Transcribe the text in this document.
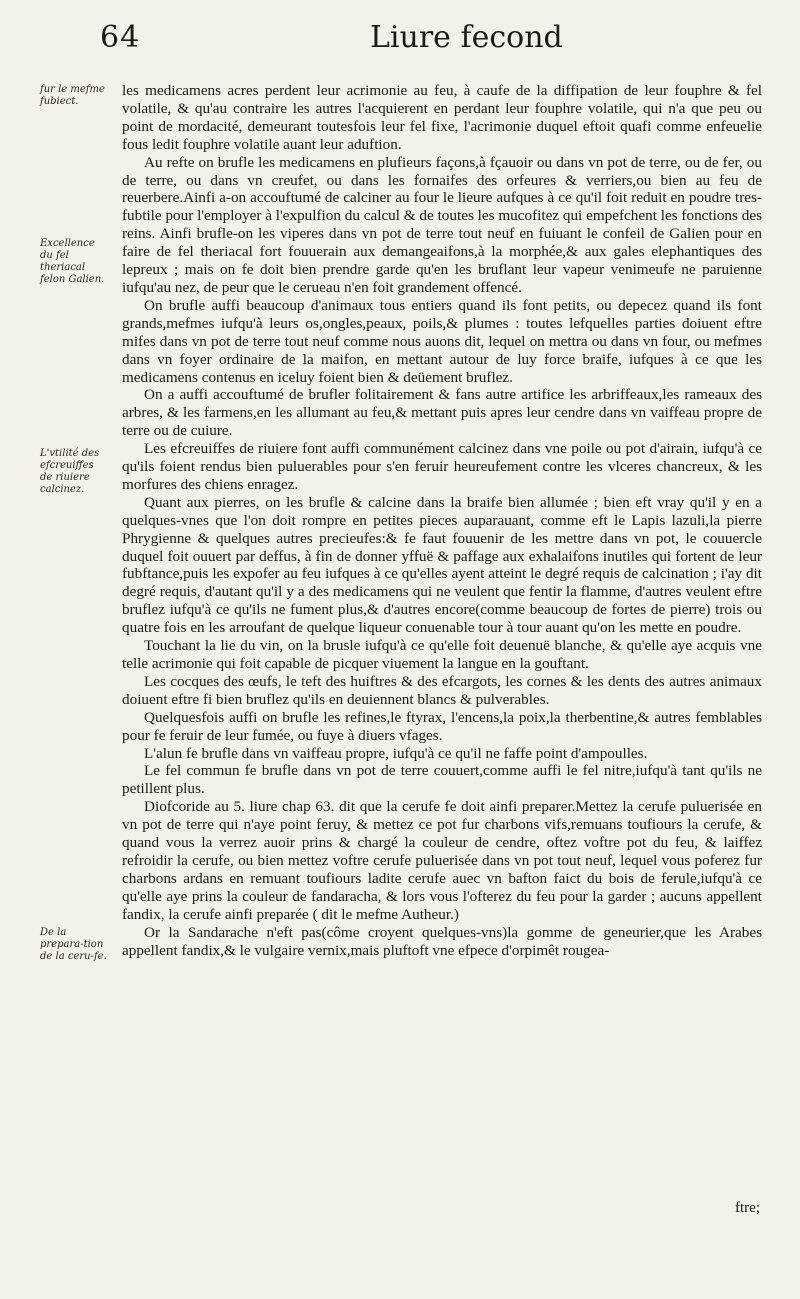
64	Liure fecond
fur le mefme fubiect.
Excellence du fel theriacal felon Galien.
L'vtilité des efcreuiffes de riuiere calcinez.
De la prepara-tion de la ceru-fe.

les medicamens acres perdent leur acrimonie au feu, à caufe de la diffipation de leur fouphre & fel volatile, & qu'au contraire les autres l'acquierent en perdant leur fouphre volatile, qui n'a que peu ou point de mordacité, demeurant toutesfois leur fel fixe, l'acrimonie duquel eftoit quafi comme enfeuelie fous ledit fouphre volatile auant leur aduftion.

Au refte on brufle les medicamens en plufieurs façons,à fçauoir ou dans vn pot de terre, ou de fer, ou de terre, ou dans vn creufet, ou dans les fornaifes des orfeures & verriers,ou bien au feu de reuerbere.Ainfi a-on accouftumé de calciner au four le lieure aufques à ce qu'il foit reduit en poudre tres-fubtile pour l'employer à l'expulfion du calcul & de toutes les mucofitez qui empefchent les fonctions des reins. Ainfi brufle-on les viperes dans vn pot de terre tout neuf en fuiuant le confeil de Galien pour en faire de fel theriacal fort fouuerain aux demangeaifons,à la morphée,& aux gales elephantiques des lepreux ; mais on fe doit bien prendre garde qu'en les bruflant leur vapeur venimeufe ne paruienne iufqu'au nez, de peur que le cerueau n'en foit grandement offencé.

On brufle auffi beaucoup d'animaux tous entiers quand ils font petits, ou depecez quand ils font grands,mefmes iufqu'à leurs os,ongles,peaux, poils,& plumes : toutes lefquelles parties doiuent eftre mifes dans vn pot de terre tout neuf comme nous auons dit, lequel on mettra ou dans vn four, ou mefmes dans vn foyer ordinaire de la maifon, en mettant autour de luy force braife, iufques à ce que les medicamens contenus en iceluy foient bien & deüement bruflez.

On a auffi accouftumé de brufler folitairement & fans autre artifice les arbriffeaux,les rameaux des arbres, & les farmens,en les allumant au feu,& mettant puis apres leur cendre dans vn vaiffeau propre de terre ou de cuiure.

Les efcreuiffes de riuiere font auffi communément calcinez dans vne poile ou pot d'airain, iufqu'à ce qu'ils foient rendus bien puluerables pour s'en feruir heureufement contre les vlceres chancreux, & les morfures des chiens enragez.

Quant aux pierres, on les brufle & calcine dans la braife bien allumée ; bien eft vray qu'il y en a quelques-vnes que l'on doit rompre en petites pieces auparauant, comme eft le Lapis lazuli,la pierre Phrygienne & quelques autres precieufes:& fe faut fouuenir de les mettre dans vn pot, le couuercle duquel foit ouuert par deffus, à fin de donner yffuë & paffage aux exhalaifons inutiles qui fortent de leur fubftance,puis les expofer au feu iufques à ce qu'elles ayent atteint le degré requis de calcination ; i'ay dit degré requis, d'autant qu'il y a des medicamens qui ne veulent que fentir la flamme, d'autres veulent eftre bruflez iufqu'à ce qu'ils ne fument plus,& d'autres encore(comme beaucoup de fortes de pierre) trois ou quatre fois en les arroufant de quelque liqueur conuenable tour à tour auant qu'on les mette en poudre.

Touchant la lie du vin, on la brusle iufqu'à ce qu'elle foit deuenuë blanche, & qu'elle aye acquis vne telle acrimonie qui foit capable de picquer viuement la langue en la gouftant.

Les cocques des œufs, le teft des huiftres & des efcargots, les cornes & les dents des autres animaux doiuent eftre fi bien bruflez qu'ils en deuiennent blancs & pulverables.

Quelquesfois auffi on brufle les refines,le ftyrax, l'encens,la poix,la therbentine,& autres femblables pour fe feruir de leur fumée, ou fuye à diuers vfages.

L'alun fe brufle dans vn vaiffeau propre, iufqu'à ce qu'il ne faffe point d'ampoulles.

Le fel commun fe brufle dans vn pot de terre couuert,comme auffi le fel nitre,iufqu'à tant qu'ils ne petillent plus.

Diofcoride au 5. liure chap 63. dit que la cerufe fe doit ainfi preparer.Mettez la cerufe puluerisée en vn pot de terre qui n'aye point feruy, & mettez ce pot fur charbons vifs,remuans toufiours la cerufe, & quand vous la verrez auoir prins & chargé la couleur de cendre, oftez voftre pot du feu, & laiffez refroidir la cerufe, ou bien mettez voftre cerufe puluerisée dans vn pot tout neuf, lequel vous poferez fur charbons ardans en remuant toufiours ladite cerufe auec vn bafton faict du bois de ferule,iufqu'à ce qu'elle aye prins la couleur de fandaracha, & lors vous l'ofterez du feu pour la garder ; aucuns appellent fandix, la cerufe ainfi preparée ( dit le mefme Autheur.)

Or la Sandarache n'eft pas(côme croyent quelques-vns)la gomme de geneurier,que les Arabes appellent fandix,& le vulgaire vernix,mais pluftoft vne efpece d'orpimêt rougea-

ftre;
